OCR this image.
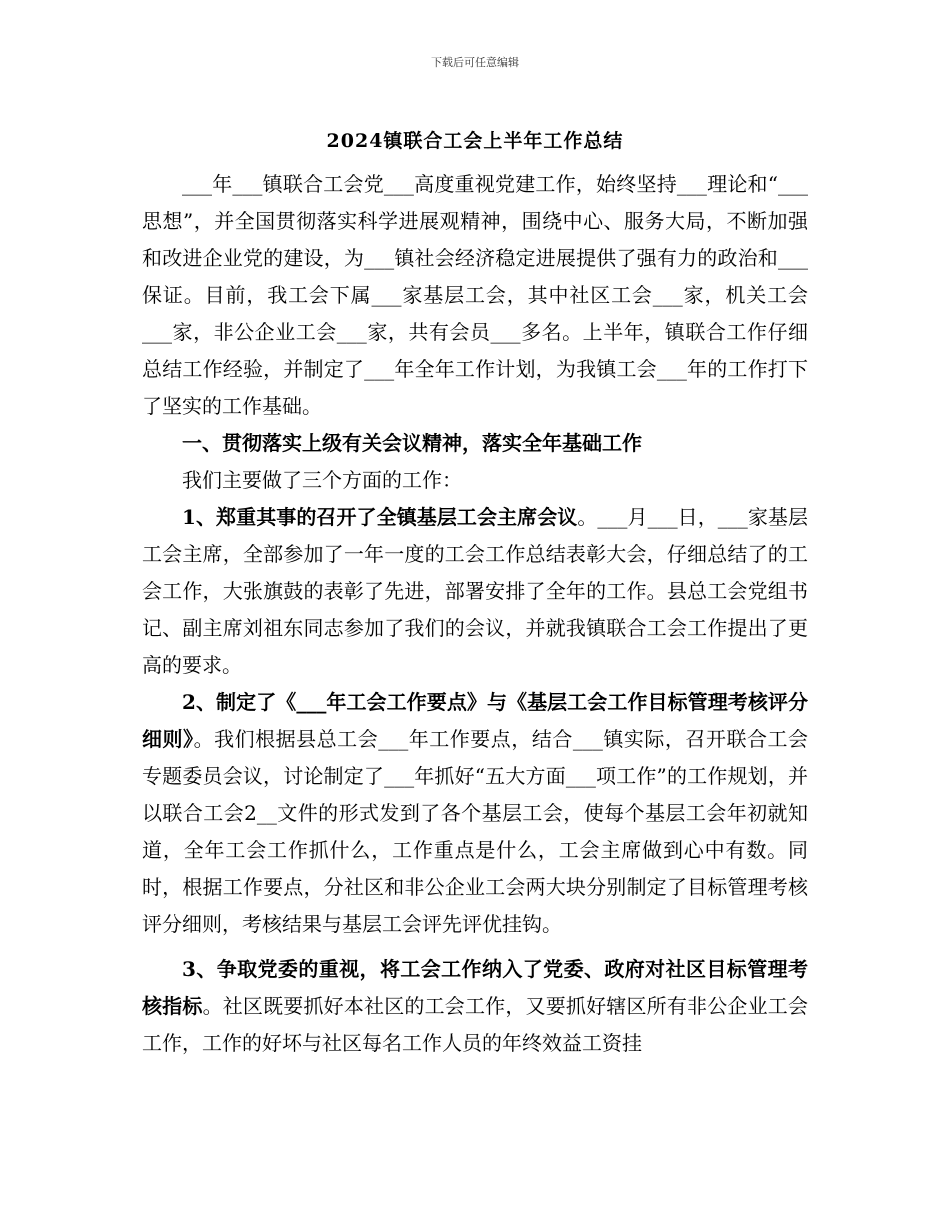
下载后可任意编辑
2024镇联合工会上半年工作总结

___年___镇联合工会党___高度重视党建工作，始终坚持___理论和“___思想”，并全国贯彻落实科学进展观精神，围绕中心、服务大局，不断加强和改进企业党的建设，为___镇社会经济稳定进展提供了强有力的政治和___保证。目前，我工会下属___家基层工会，其中社区工会___家，机关工会___家，非公企业工会___家，共有会员___多名。上半年，镇联合工作仔细总结工作经验，并制定了___年全年工作计划，为我镇工会___年的工作打下了坚实的工作基础。

一、贯彻落实上级有关会议精神，落实全年基础工作

我们主要做了三个方面的工作：

1、郑重其事的召开了全镇基层工会主席会议。___月___日，___家基层工会主席，全部参加了一年一度的工会工作总结表彰大会，仔细总结了的工会工作，大张旗鼓的表彰了先进，部署安排了全年的工作。县总工会党组书记、副主席刘祖东同志参加了我们的会议，并就我镇联合工会工作提出了更高的要求。

2、制定了《___年工会工作要点》与《基层工会工作目标管理考核评分细则》。我们根据县总工会___年工作要点，结合___镇实际，召开联合工会专题委员会议，讨论制定了___年抓好“五大方面___项工作”的工作规划，并以联合工会2__文件的形式发到了各个基层工会，使每个基层工会年初就知道，全年工会工作抓什么，工作重点是什么，工会主席做到心中有数。同时，根据工作要点，分社区和非公企业工会两大块分别制定了目标管理考核评分细则，考核结果与基层工会评先评优挂钩。

3、争取党委的重视，将工会工作纳入了党委、政府对社区目标管理考核指标。社区既要抓好本社区的工会工作，又要抓好辖区所有非公企业工会工作，工作的好坏与社区每名工作人员的年终效益工资挂
